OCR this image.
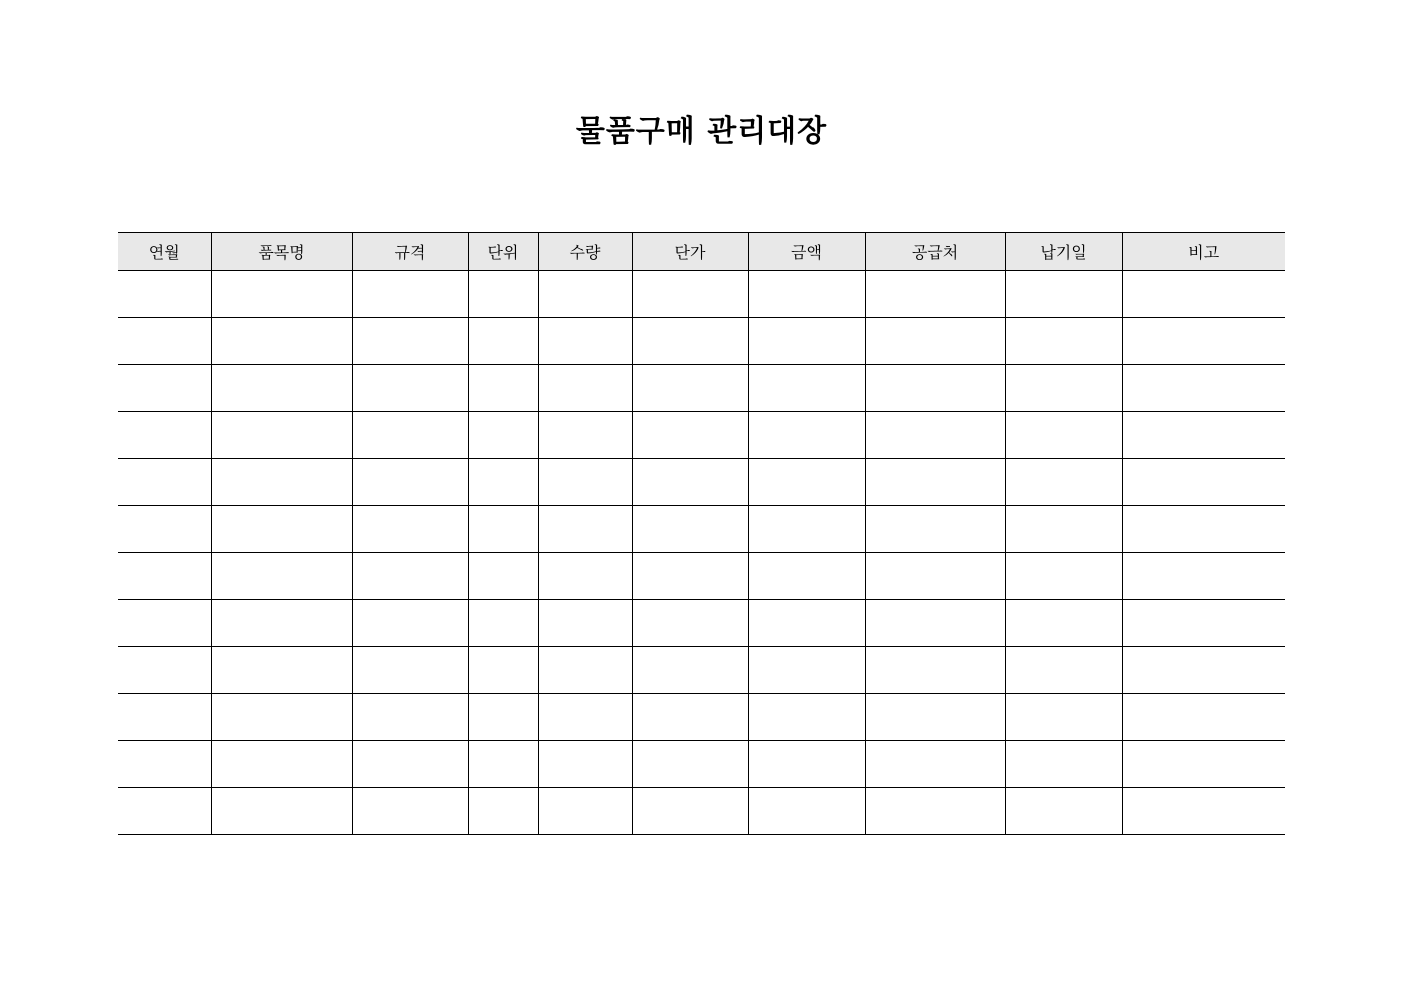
물품구매 관리대장
연월	품목명	규격	단위	수량	단가	금액	공급처	납기일	비고
